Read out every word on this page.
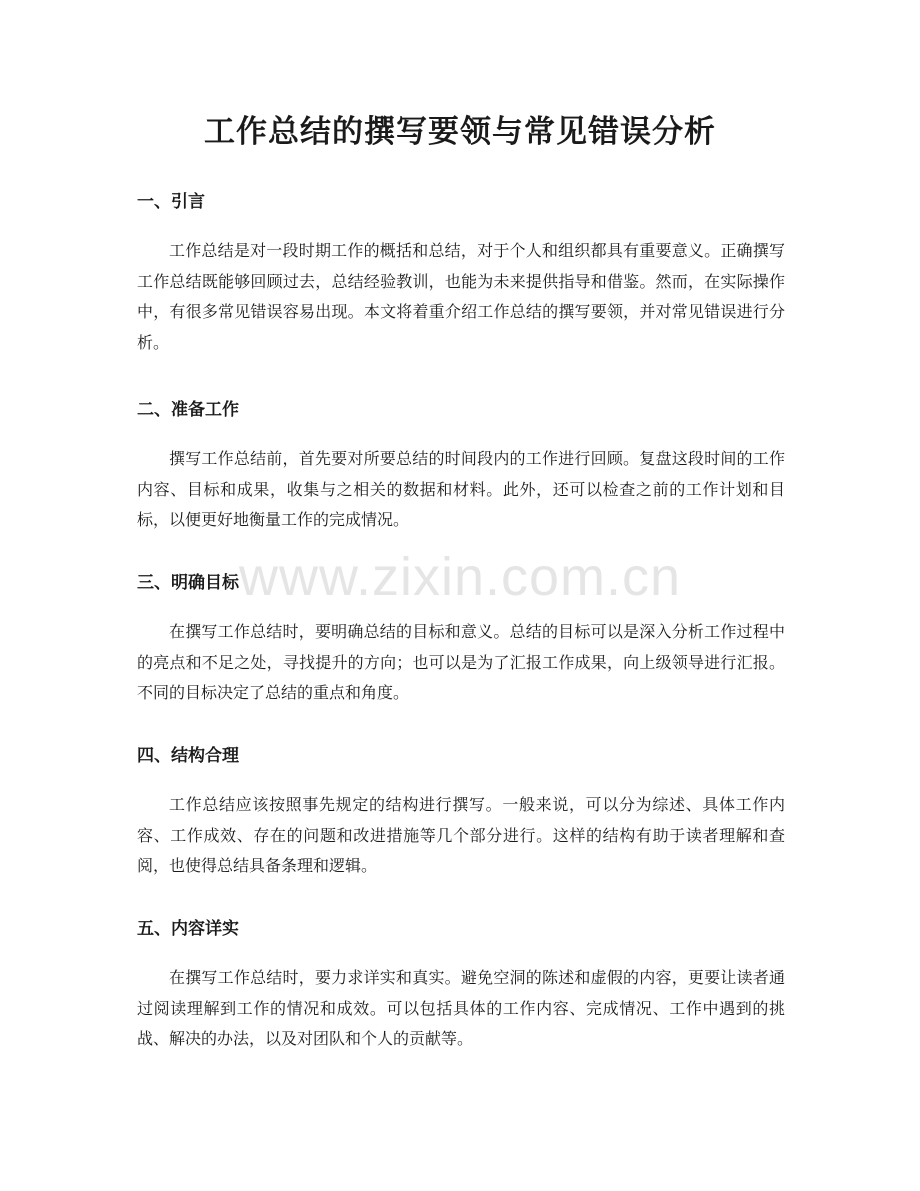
工作总结的撰写要领与常见错误分析
一、引言

工作总结是对一段时期工作的概括和总结，对于个人和组织都具有重要意义。正确撰写工作总结既能够回顾过去，总结经验教训，也能为未来提供指导和借鉴。然而，在实际操作中，有很多常见错误容易出现。本文将着重介绍工作总结的撰写要领，并对常见错误进行分析。

二、准备工作

撰写工作总结前，首先要对所要总结的时间段内的工作进行回顾。复盘这段时间的工作内容、目标和成果，收集与之相关的数据和材料。此外，还可以检查之前的工作计划和目标，以便更好地衡量工作的完成情况。

三、明确目标

在撰写工作总结时，要明确总结的目标和意义。总结的目标可以是深入分析工作过程中的亮点和不足之处，寻找提升的方向；也可以是为了汇报工作成果，向上级领导进行汇报。不同的目标决定了总结的重点和角度。

四、结构合理

工作总结应该按照事先规定的结构进行撰写。一般来说，可以分为综述、具体工作内容、工作成效、存在的问题和改进措施等几个部分进行。这样的结构有助于读者理解和查阅，也使得总结具备条理和逻辑。

五、内容详实

在撰写工作总结时，要力求详实和真实。避免空洞的陈述和虚假的内容，更要让读者通过阅读理解到工作的情况和成效。可以包括具体的工作内容、完成情况、工作中遇到的挑战、解决的办法，以及对团队和个人的贡献等。

www.zixin.com.cn
